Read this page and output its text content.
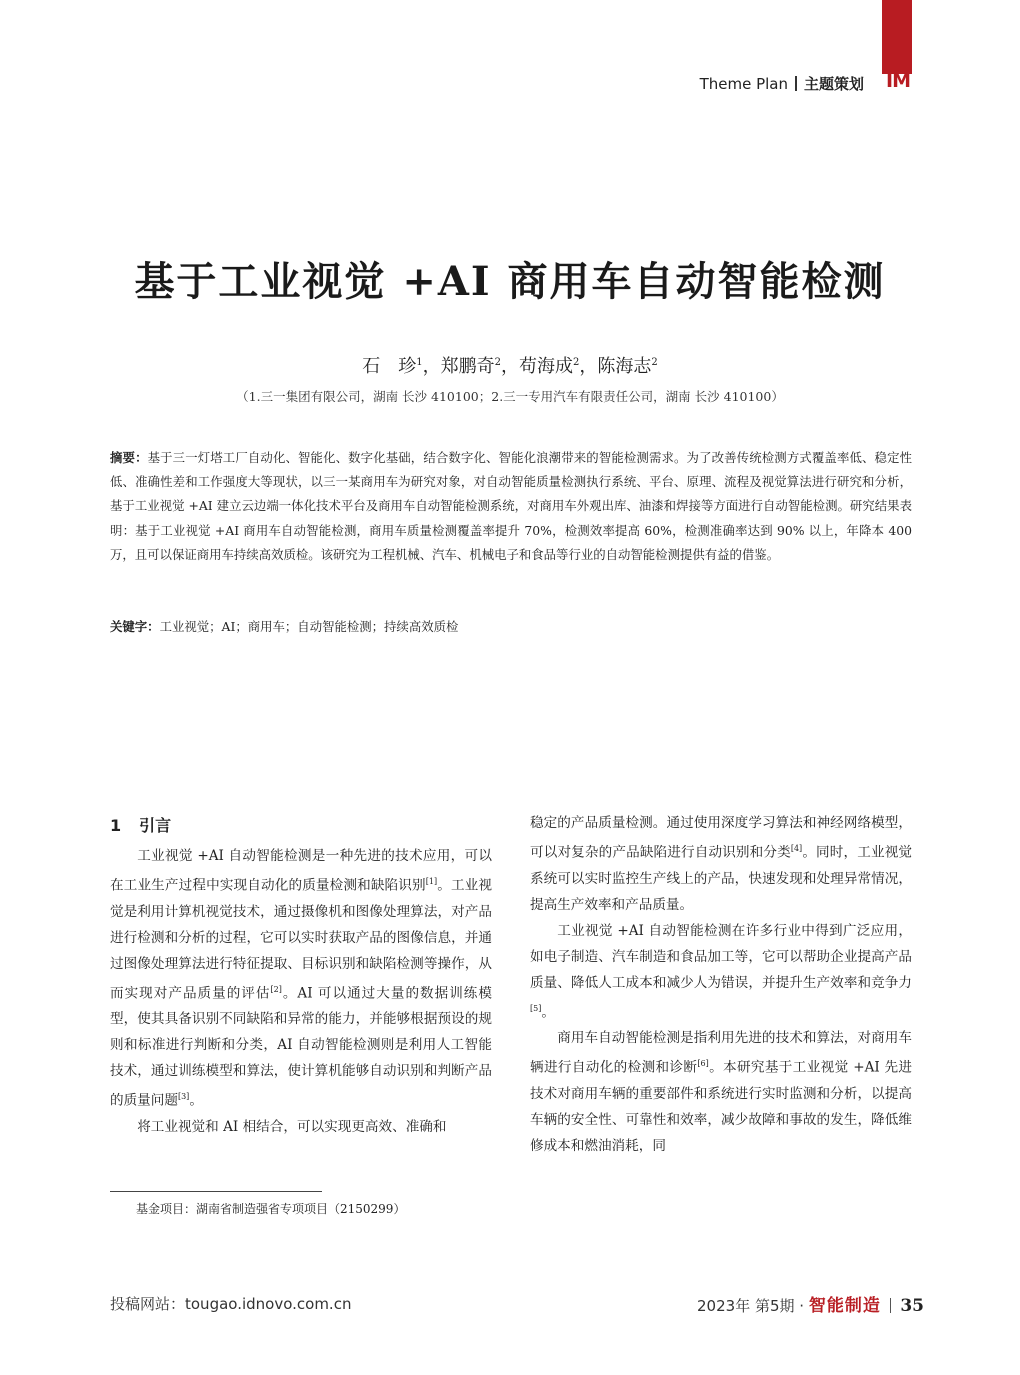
IM
Theme Plan 主题策划
基于工业视觉 +AI 商用车自动智能检测
石　珍$^1$，郑鹏奇$^2$，苟海成$^2$，陈海志$^2$
（1.三一集团有限公司，湖南 长沙 410100；2.三一专用汽车有限责任公司，湖南 长沙 410100）
摘要：基于三一灯塔工厂自动化、智能化、数字化基础，结合数字化、智能化浪潮带来的智能检测需求。为了改善传统检测方式覆盖率低、稳定性低、准确性差和工作强度大等现状，以三一某商用车为研究对象，对自动智能质量检测执行系统、平台、原理、流程及视觉算法进行研究和分析，基于工业视觉 +AI 建立云边端一体化技术平台及商用车自动智能检测系统，对商用车外观出库、油漆和焊接等方面进行自动智能检测。研究结果表明：基于工业视觉 +AI 商用车自动智能检测，商用车质量检测覆盖率提升 70%，检测效率提高 60%，检测准确率达到 90% 以上，年降本 400 万，且可以保证商用车持续高效质检。该研究为工程机械、汽车、机械电子和食品等行业的自动智能检测提供有益的借鉴。
关键字：工业视觉；AI；商用车；自动智能检测；持续高效质检
1 引言

工业视觉 +AI 自动智能检测是一种先进的技术应用，可以在工业生产过程中实现自动化的质量检测和缺陷识别[1]。工业视觉是利用计算机视觉技术，通过摄像机和图像处理算法，对产品进行检测和分析的过程，它可以实时获取产品的图像信息，并通过图像处理算法进行特征提取、目标识别和缺陷检测等操作，从而实现对产品质量的评估[2]。AI 可以通过大量的数据训练模型，使其具备识别不同缺陷和异常的能力，并能够根据预设的规则和标准进行判断和分类，AI 自动智能检测则是利用人工智能技术，通过训练模型和算法，使计算机能够自动识别和判断产品的质量问题[3]。

将工业视觉和 AI 相结合，可以实现更高效、准确和

稳定的产品质量检测。通过使用深度学习算法和神经网络模型，可以对复杂的产品缺陷进行自动识别和分类[4]。同时，工业视觉系统可以实时监控生产线上的产品，快速发现和处理异常情况，提高生产效率和产品质量。

工业视觉 +AI 自动智能检测在许多行业中得到广泛应用，如电子制造、汽车制造和食品加工等，它可以帮助企业提高产品质量、降低人工成本和减少人为错误，并提升生产效率和竞争力[5]。

商用车自动智能检测是指利用先进的技术和算法，对商用车辆进行自动化的检测和诊断[6]。本研究基于工业视觉 +AI 先进技术对商用车辆的重要部件和系统进行实时监测和分析，以提高车辆的安全性、可靠性和效率，减少故障和事故的发生，降低维修成本和燃油消耗，同

基金项目：湖南省制造强省专项项目（2150299）
投稿网站：tougao.idnovo.com.cn	2023年 第5期 · 智能制造 35
